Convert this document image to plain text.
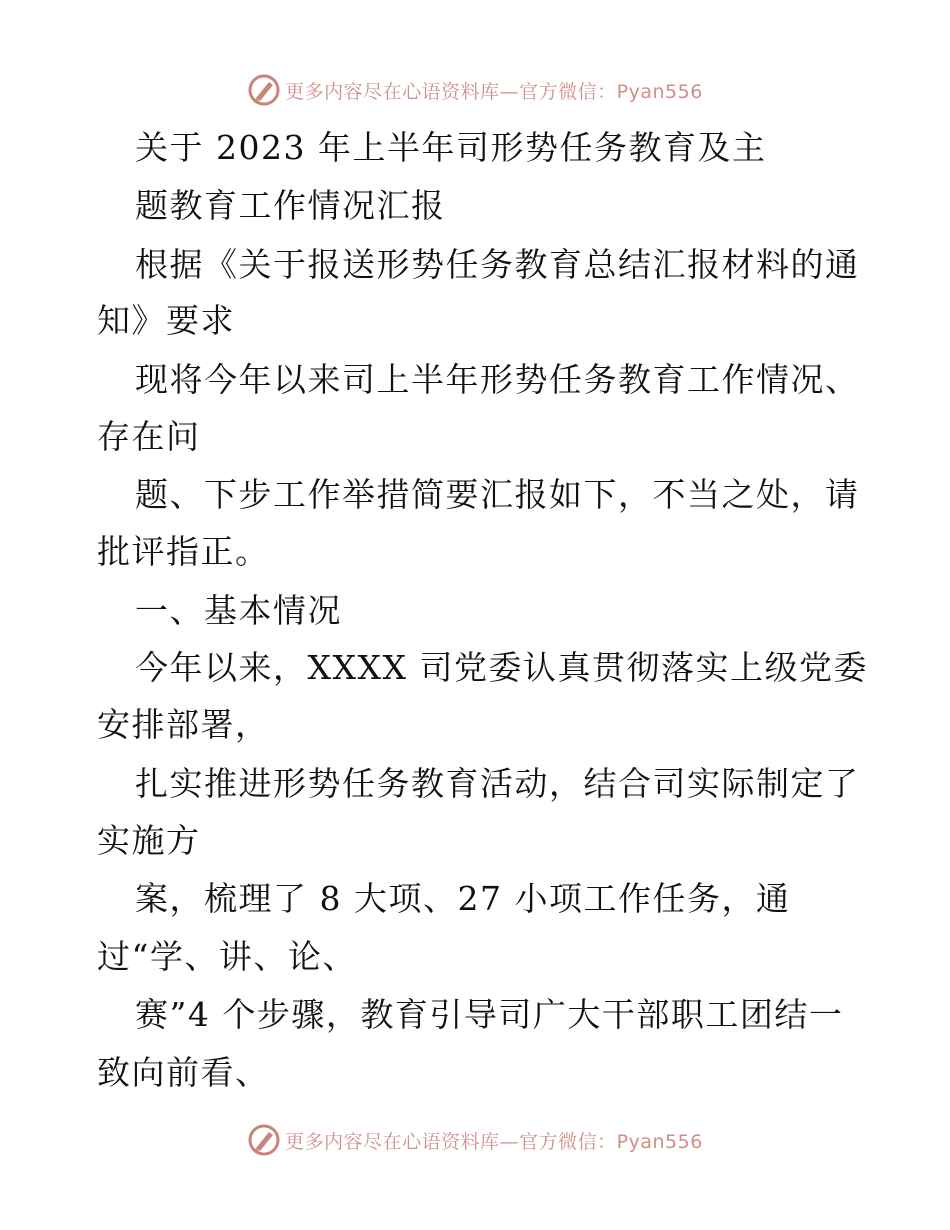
更多内容尽在心语资料库—官方微信：Pyan556
关于 2023 年上半年司形势任务教育及主
题教育工作情况汇报
根据《关于报送形势任务教育总结汇报材料的通
知》要求
现将今年以来司上半年形势任务教育工作情况、
存在问
题、下步工作举措简要汇报如下，不当之处，请
批评指正。
一、基本情况
今年以来，XXXX 司党委认真贯彻落实上级党委
安排部署，
扎实推进形势任务教育活动，结合司实际制定了
实施方
案，梳理了 8 大项、27 小项工作任务，通
过“学、讲、论、
赛”4 个步骤，教育引导司广大干部职工团结一
致向前看、
更多内容尽在心语资料库—官方微信：Pyan556
